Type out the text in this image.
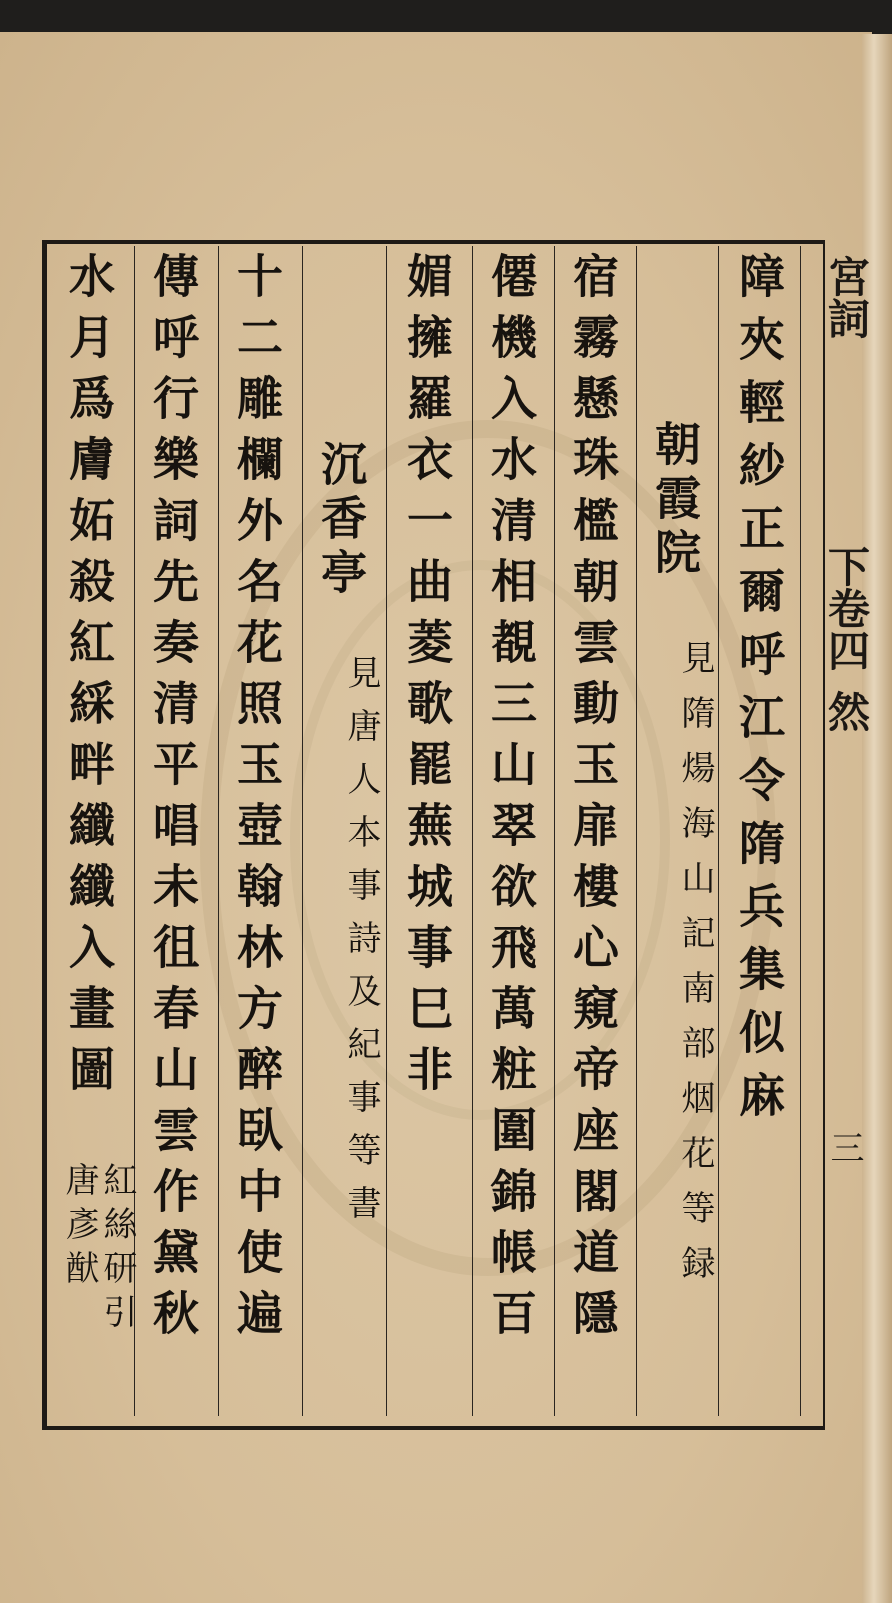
宮詞
下卷四
然
三
障夾輕紗正爾呼江令隋兵集似麻
朝霞院
見隋煬海山記南部烟花等録
宿霧懸珠檻朝雲動玉扉樓心窺帝座閣道隱
僊機入水清相覩三山翠欲飛萬粧圍錦帳百
媚擁羅衣一曲菱歌罷蕪城事巳非
沉香亭
見唐人本事詩及紀事等書
十二雕欄外名花照玉壺翰林方醉臥中使遍
傳呼行樂詞先奏清平唱未徂春山雲作黛秋
水月爲膚妬殺紅綵畔纖纖入畫圖
唐彥猷
紅絲研引
